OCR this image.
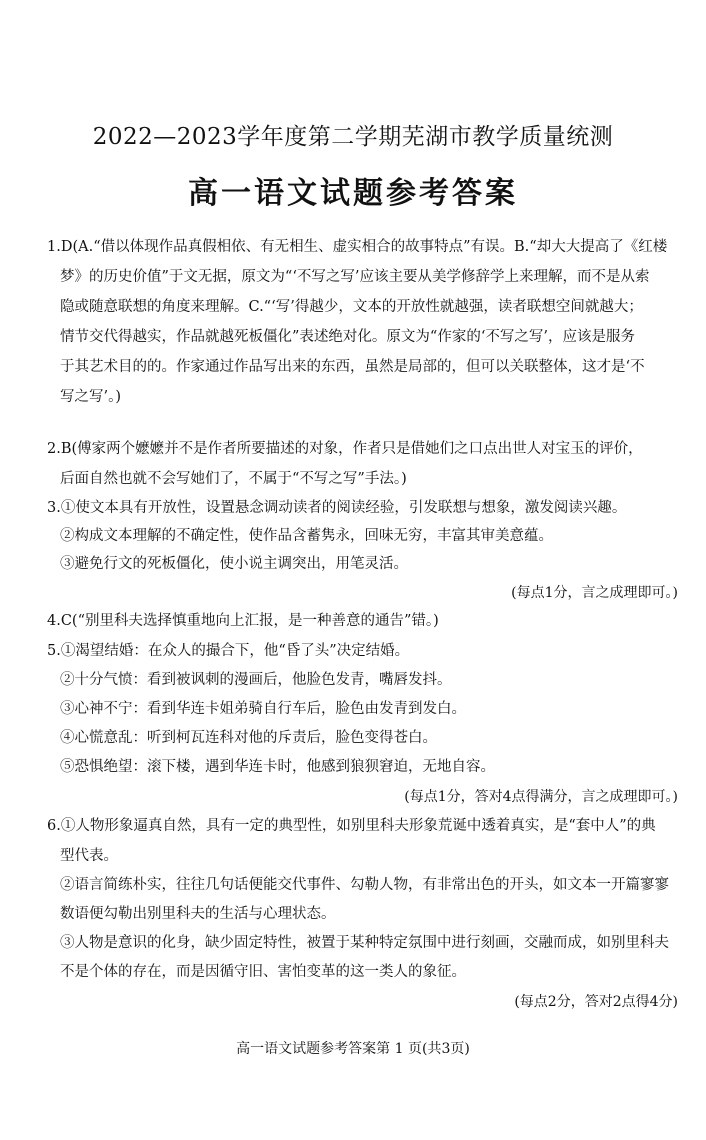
2022—2023学年度第二学期芜湖市教学质量统测
高一语文试题参考答案
1.D(A.“借以体现作品真假相依、有无相生、虚实相合的故事特点”有误。B.“却大大提高了《红楼
梦》的历史价值”于文无据，原文为“‘不写之写’应该主要从美学修辞学上来理解，而不是从索
隐或随意联想的角度来理解。C.“‘写’得越少，文本的开放性就越强，读者联想空间就越大；
情节交代得越实，作品就越死板僵化”表述绝对化。原文为“作家的‘不写之写’，应该是服务
于其艺术目的的。作家通过作品写出来的东西，虽然是局部的，但可以关联整体，这才是‘不
写之写’。)
2.B(傅家两个嬷嬷并不是作者所要描述的对象，作者只是借她们之口点出世人对宝玉的评价，
后面自然也就不会写她们了，不属于“不写之写”手法。)
3.①使文本具有开放性，设置悬念调动读者的阅读经验，引发联想与想象，激发阅读兴趣。
②构成文本理解的不确定性，使作品含蓄隽永，回味无穷，丰富其审美意蕴。
③避免行文的死板僵化，使小说主调突出，用笔灵活。
(每点1分，言之成理即可。)
4.C(“别里科夫选择慎重地向上汇报，是一种善意的通告”错。)
5.①渴望结婚：在众人的撮合下，他“昏了头”决定结婚。
②十分气愤：看到被讽刺的漫画后，他脸色发青，嘴唇发抖。
③心神不宁：看到华连卡姐弟骑自行车后，脸色由发青到发白。
④心慌意乱：听到柯瓦连科对他的斥责后，脸色变得苍白。
⑤恐惧绝望：滚下楼，遇到华连卡时，他感到狼狈窘迫，无地自容。
(每点1分，答对4点得满分，言之成理即可。)
6.①人物形象逼真自然，具有一定的典型性，如别里科夫形象荒诞中透着真实，是“套中人”的典
型代表。
②语言简练朴实，往往几句话便能交代事件、勾勒人物，有非常出色的开头，如文本一开篇寥寥
数语便勾勒出别里科夫的生活与心理状态。
③人物是意识的化身，缺少固定特性，被置于某种特定氛围中进行刻画，交融而成，如别里科夫
不是个体的存在，而是因循守旧、害怕变革的这一类人的象征。
(每点2分，答对2点得4分)
高一语文试题参考答案第 1 页(共3页)
